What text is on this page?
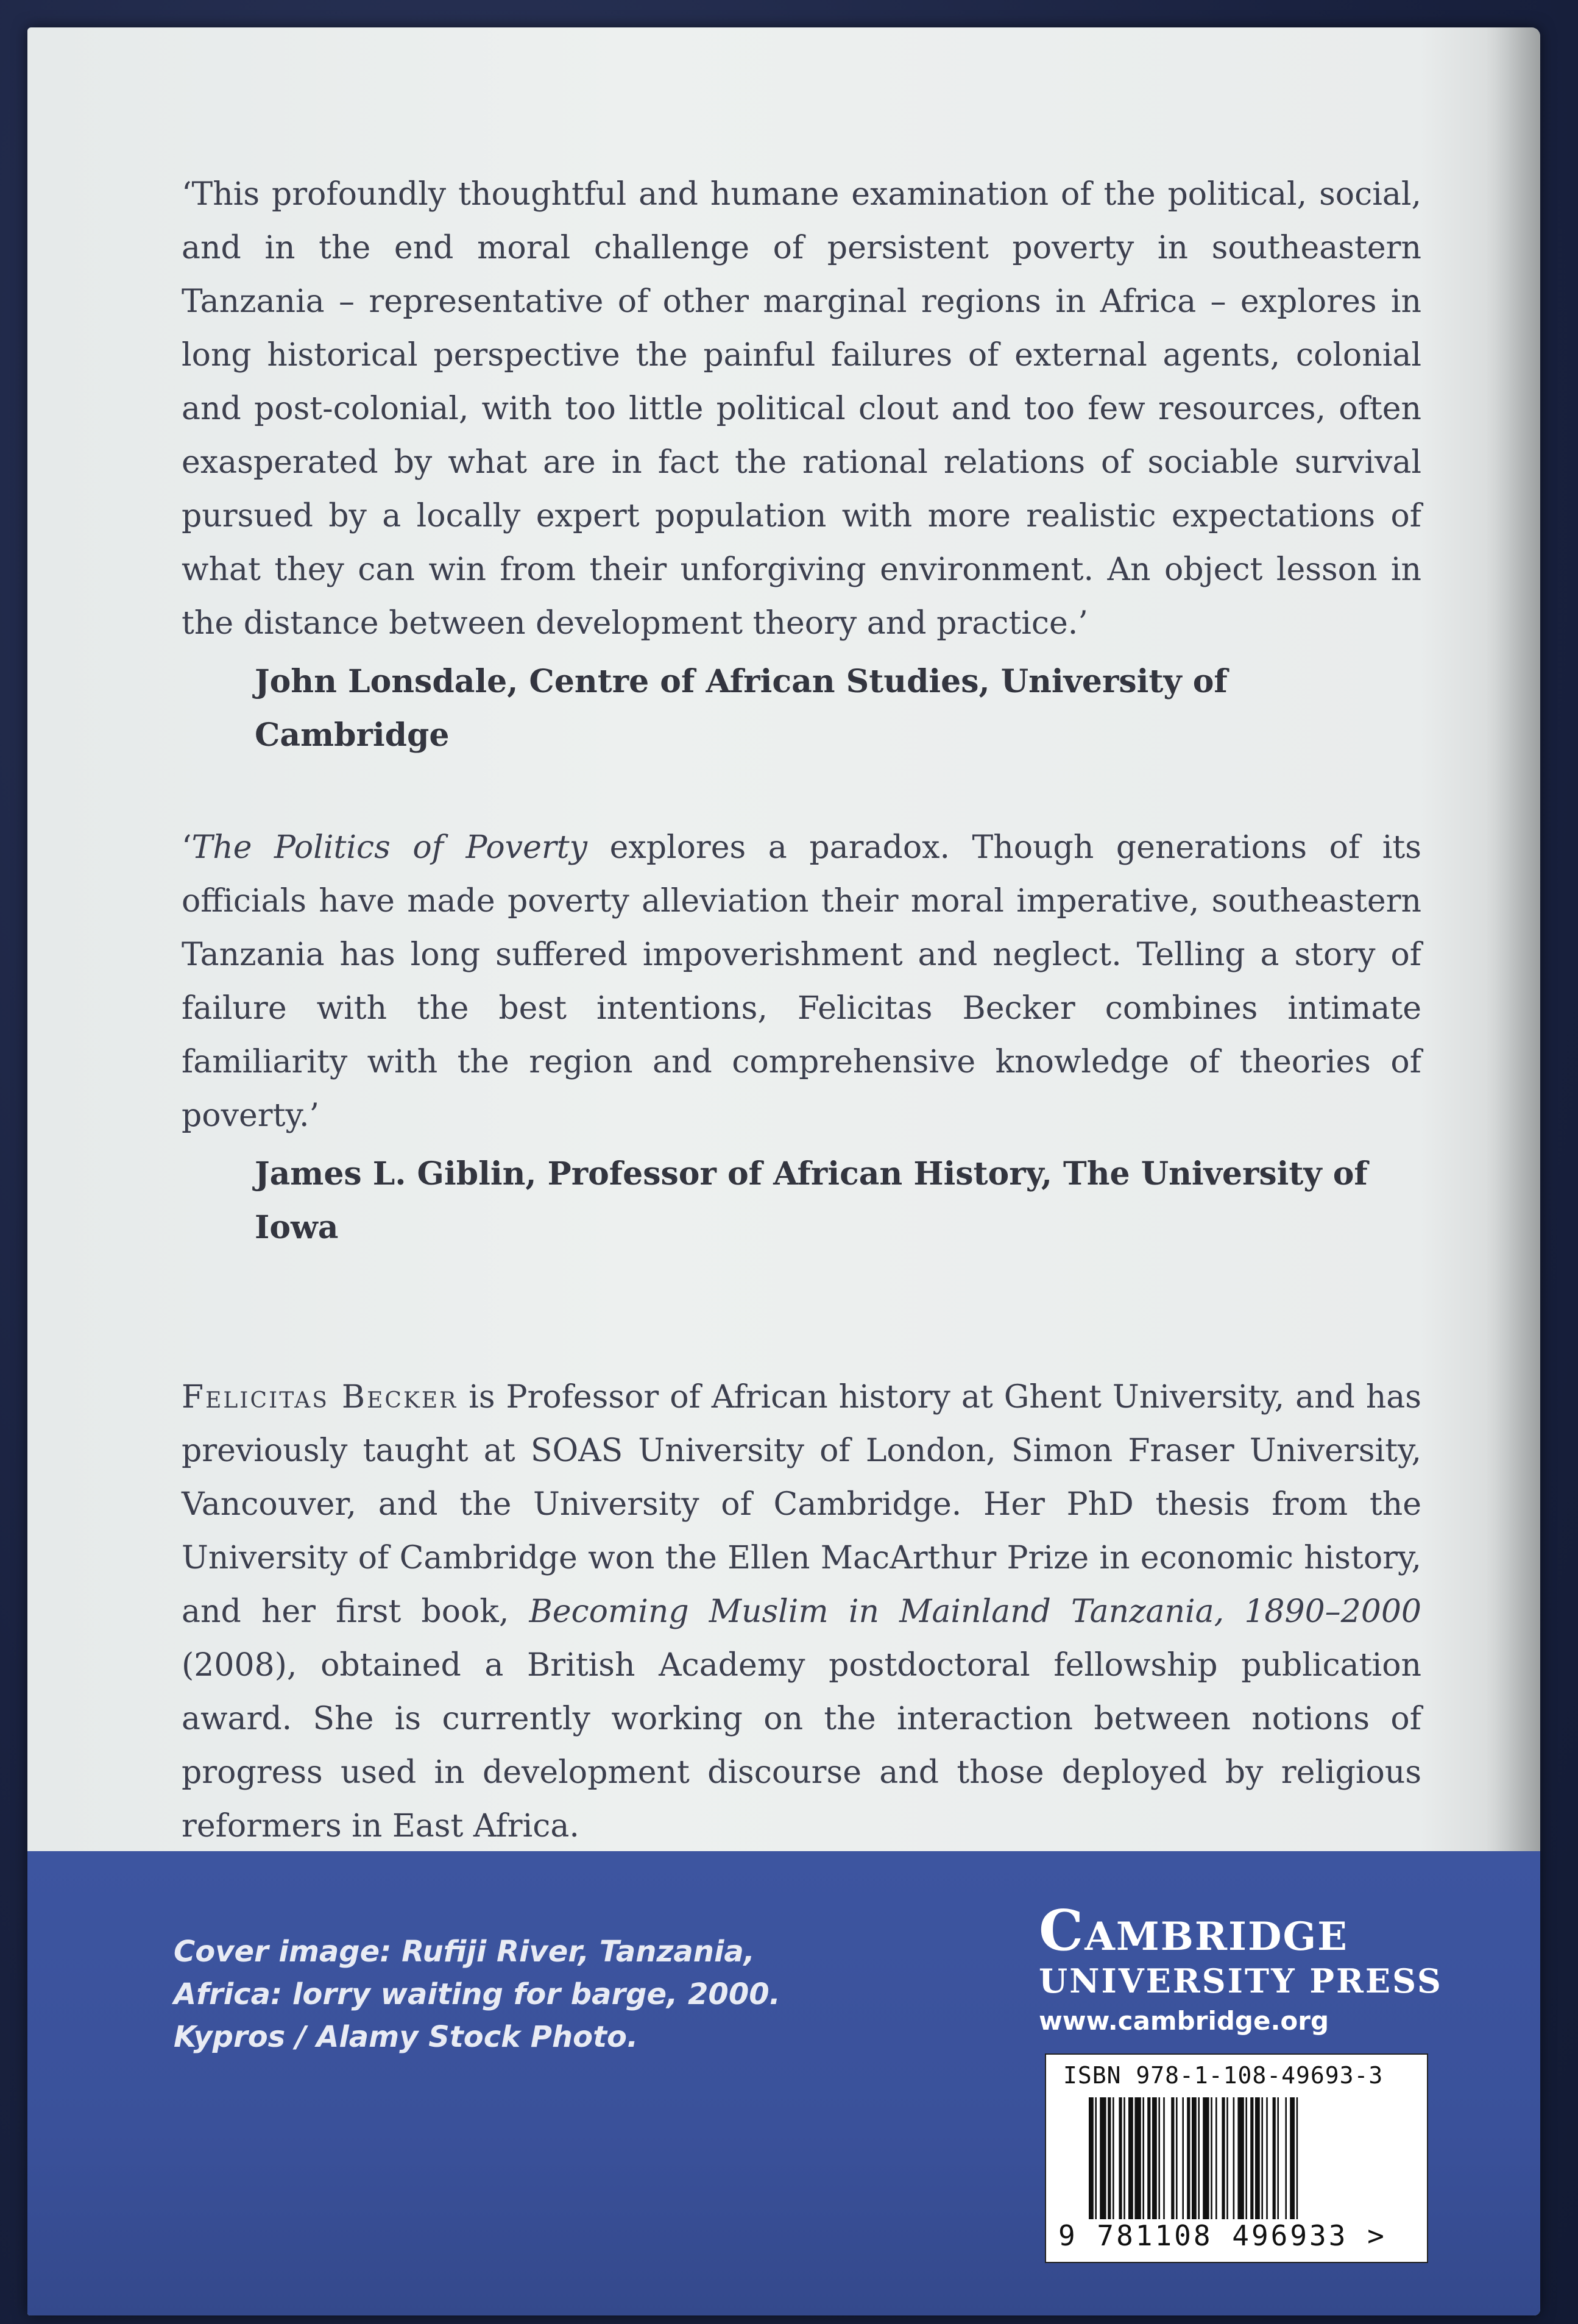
‘This profoundly thoughtful and humane examination of the political, social, and in the end moral challenge of persistent poverty in southeastern Tanzania – representative of other marginal regions in Africa – explores in long historical perspective the painful failures of external agents, colonial and post-colonial, with too little political clout and too few resources, often exasperated by what are in fact the rational relations of sociable survival pursued by a locally expert population with more realistic expectations of what they can win from their unforgiving environment. An object lesson in the distance between development theory and practice.’

John Lonsdale, Centre of African Studies, University of Cambridge

‘The Politics of Poverty explores a paradox. Though generations of its officials have made poverty alleviation their moral imperative, southeastern Tanzania has long suffered impoverishment and neglect. Telling a story of failure with the best intentions, Felicitas Becker combines intimate familiarity with the region and comprehensive knowledge of theories of poverty.’

James L. Giblin, Professor of African History, The University of Iowa

Felicitas Becker is Professor of African history at Ghent University, and has previously taught at SOAS University of London, Simon Fraser University, Vancouver, and the University of Cambridge. Her PhD thesis from the University of Cambridge won the Ellen MacArthur Prize in economic history, and her first book, Becoming Muslim in Mainland Tanzania, 1890–2000 (2008), obtained a British Academy postdoctoral fellowship publication award. She is currently working on the interaction between notions of progress used in development discourse and those deployed by religious reformers in East Africa.

Cover image: Rufiji River, Tanzania, Africa: lorry waiting for barge, 2000. Kypros / Alamy Stock Photo.
Cambridge
UNIVERSITY PRESS
www.cambridge.org
ISBN 978-1-108-49693-3
9 781108 496933 >
